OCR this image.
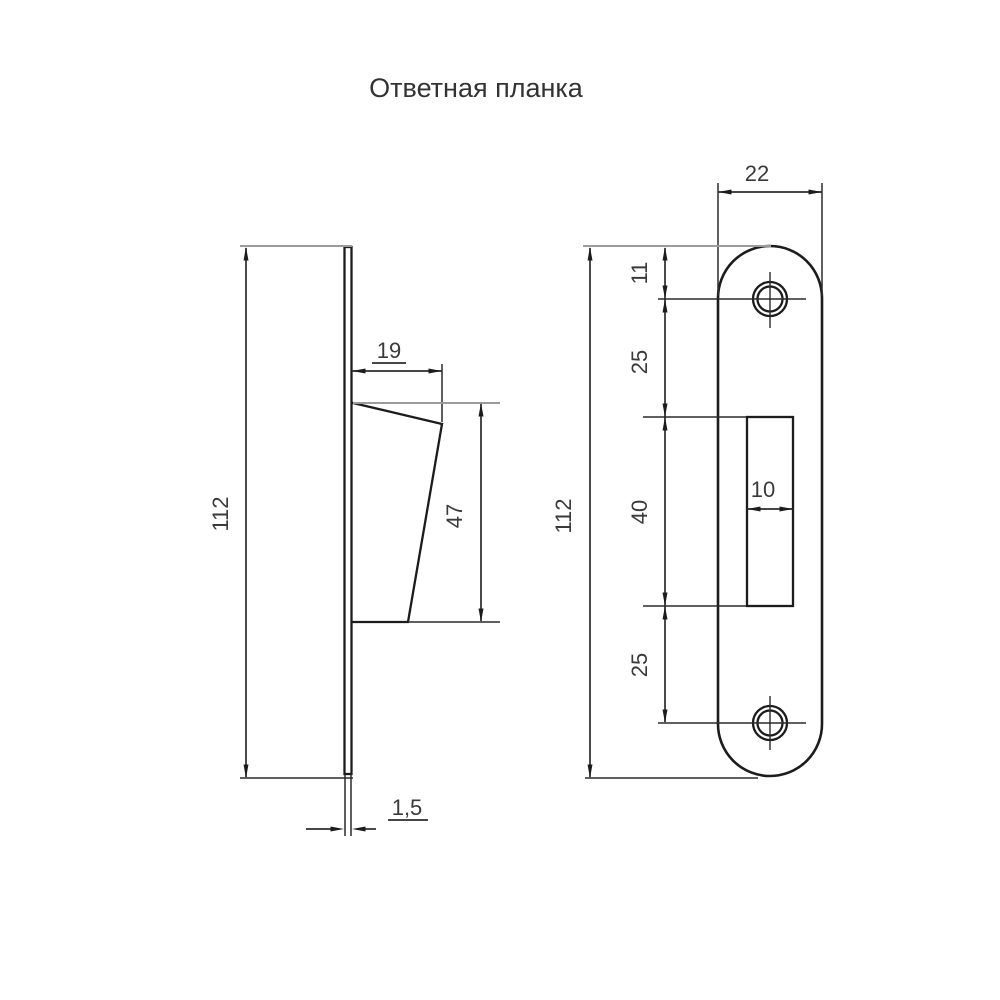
Ответная планка
112
19
47
1,5
22
112
11
25
40
25
10
